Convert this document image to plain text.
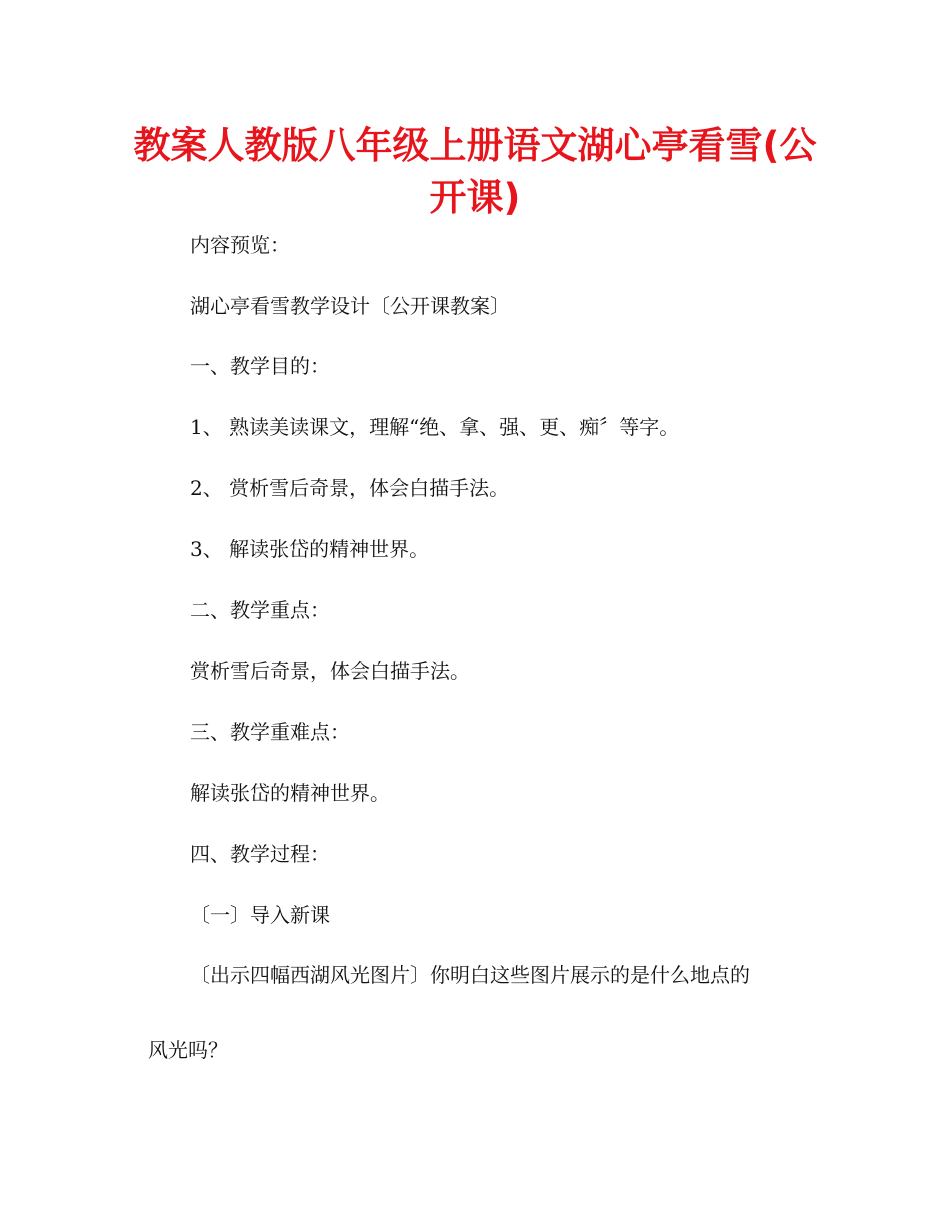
教案人教版八年级上册语文湖心亭看雪(公开课)

内容预览：

湖心亭看雪教学设计〔公开课教案〕

一、教学目的：

1、 熟读美读课文，理解“绝、拿、强、更、痴〞等字。

2、 赏析雪后奇景，体会白描手法。

3、 解读张岱的精神世界。

二、教学重点：

赏析雪后奇景，体会白描手法。

三、教学重难点：

解读张岱的精神世界。

四、教学过程：

〔一〕导入新课

〔出示四幅西湖风光图片〕你明白这些图片展示的是什么地点的

风光吗？
